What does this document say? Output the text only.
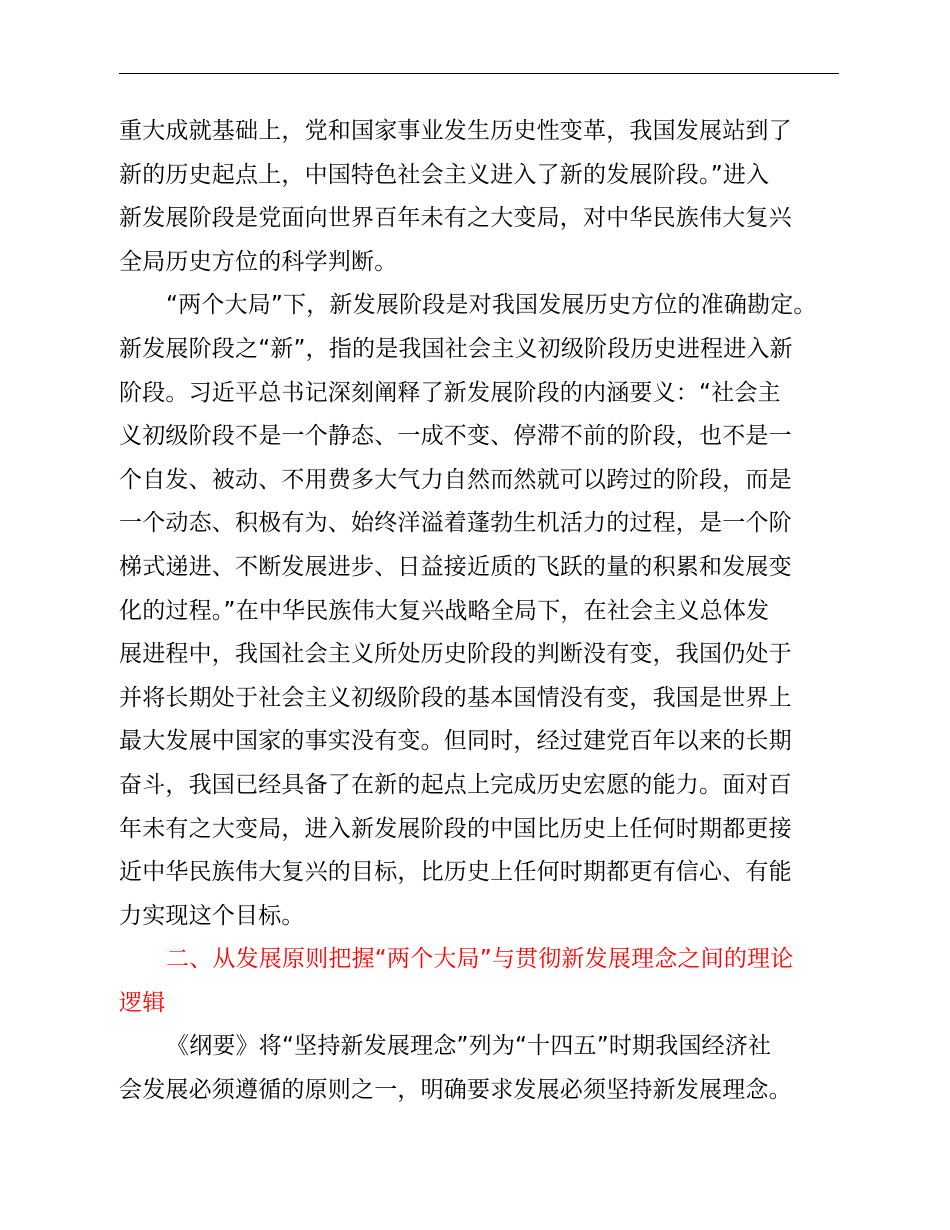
重大成就基础上，党和国家事业发生历史性变革，我国发展站到了
新的历史起点上，中国特色社会主义进入了新的发展阶段。”进入
新发展阶段是党面向世界百年未有之大变局，对中华民族伟大复兴
全局历史方位的科学判断。
“两个大局”下，新发展阶段是对我国发展历史方位的准确勘定。
新发展阶段之“新”，指的是我国社会主义初级阶段历史进程进入新
阶段。习近平总书记深刻阐释了新发展阶段的内涵要义：“社会主
义初级阶段不是一个静态、一成不变、停滞不前的阶段，也不是一
个自发、被动、不用费多大气力自然而然就可以跨过的阶段，而是
一个动态、积极有为、始终洋溢着蓬勃生机活力的过程，是一个阶
梯式递进、不断发展进步、日益接近质的飞跃的量的积累和发展变
化的过程。”在中华民族伟大复兴战略全局下，在社会主义总体发
展进程中，我国社会主义所处历史阶段的判断没有变，我国仍处于
并将长期处于社会主义初级阶段的基本国情没有变，我国是世界上
最大发展中国家的事实没有变。但同时，经过建党百年以来的长期
奋斗，我国已经具备了在新的起点上完成历史宏愿的能力。面对百
年未有之大变局，进入新发展阶段的中国比历史上任何时期都更接
近中华民族伟大复兴的目标，比历史上任何时期都更有信心、有能
力实现这个目标。
二、从发展原则把握“两个大局”与贯彻新发展理念之间的理论
逻辑
《纲要》将“坚持新发展理念”列为“十四五”时期我国经济社
会发展必须遵循的原则之一，明确要求发展必须坚持新发展理念。
